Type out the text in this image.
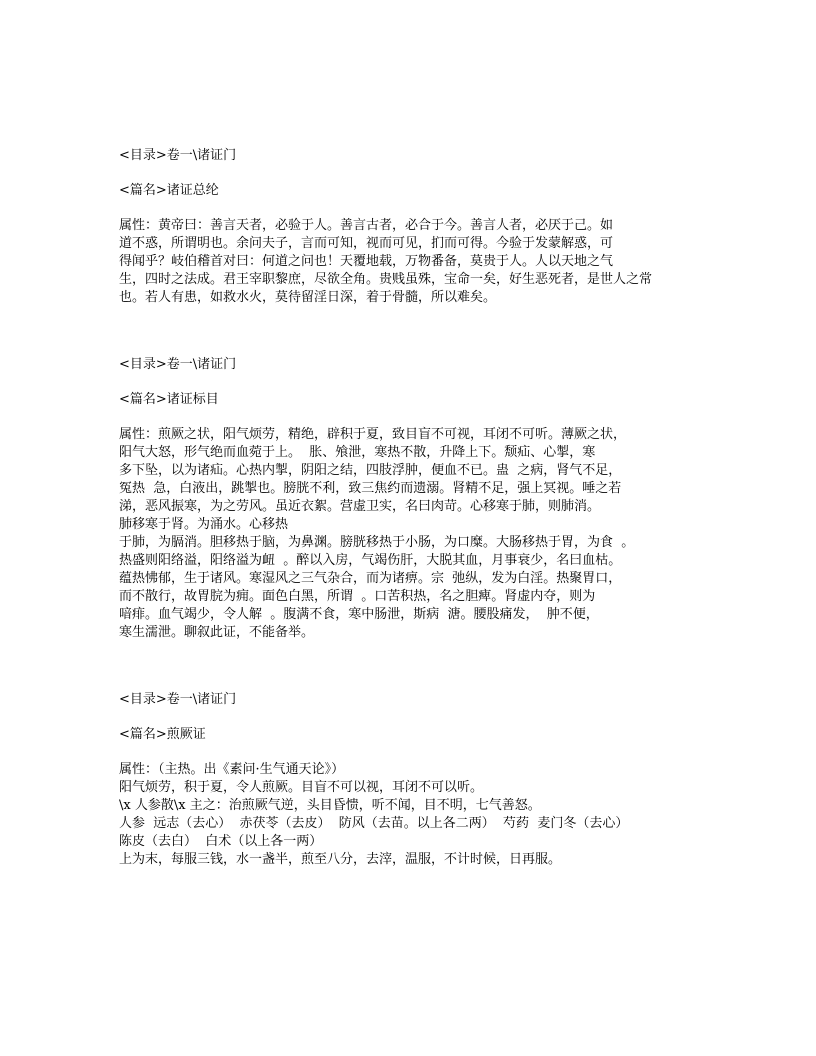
<目录>卷一\诸证门
<篇名>诸证总纶
属性：黄帝曰：善言天者，必验于人。善言古者，必合于今。善言人者，必厌于己。如
道不惑，所谓明也。余问夫子，言而可知，视而可见，扪而可得。今验于发蒙解惑，可
得闻乎？岐伯稽首对曰：何道之问也！天覆地载，万物番备，莫贵于人。人以天地之气
生，四时之法成。君王宰职黎庶，尽欲全角。贵贱虽殊，宝命一矣，好生恶死者，是世人之常
也。若人有患，如救水火，莫待留淫日深，着于骨髓，所以难矣。
<目录>卷一\诸证门
<篇名>诸证标目
属性：煎厥之状，阳气烦劳，精绝，辟积于夏，致目盲不可视，耳闭不可听。薄厥之状，
阳气大怒，形气绝而血菀于上。  胀、飧泄，寒热不散，升降上下。颓疝、心掣，寒
多下坠，以为诸疝。心热内掣，阴阳之结，四肢浮肿，便血不已。蛊  之病，肾气不足，
冤热  急，白液出，跳掣也。膀胱不利，致三焦约而遗溺。肾精不足，强上冥视。唾之若
涕，恶风振寒，为之劳风。虽近衣絮。营虚卫实，名曰肉苛。心移寒于肺，则肺消。
肺移寒于肾。为涌水。心移热
于肺，为膈消。胆移热于脑，为鼻渊。膀胱移热于小肠，为口糜。大肠移热于胃，为食  。
热盛则阳络溢，阳络溢为衄  。醉以入房，气竭伤肝，大脱其血，月事衰少，名曰血枯。
蕴热怫郁，生于诸风。寒湿风之三气杂合，而为诸痹。宗  弛纵，发为白淫。热聚胃口，
而不散行，故胃脘为痈。面色白黑，所谓  。口苦积热，名之胆痺。肾虚内夺，则为
喑痱。血气竭少，令人解  。腹满不食，寒中肠泄，斯病  溏。腰股痛发，  肿不便，
寒生濡泄。聊叙此证，不能备举。
<目录>卷一\诸证门
<篇名>煎厥证
属性：（主热。出《素问·生气通天论》）
阳气烦劳，积于夏，令人煎厥。目盲不可以视，耳闭不可以听。
\x 人参散\x 主之：治煎厥气逆，头目昏愦，听不闻，目不明，七气善怒。
人参  远志（去心）  赤茯苓（去皮）  防风（去苗。以上各二两）  芍药  麦门冬（去心）
陈皮（去白）  白术（以上各一两）
上为末，每服三钱，水一盏半，煎至八分，去滓，温服，不计时候，日再服。
